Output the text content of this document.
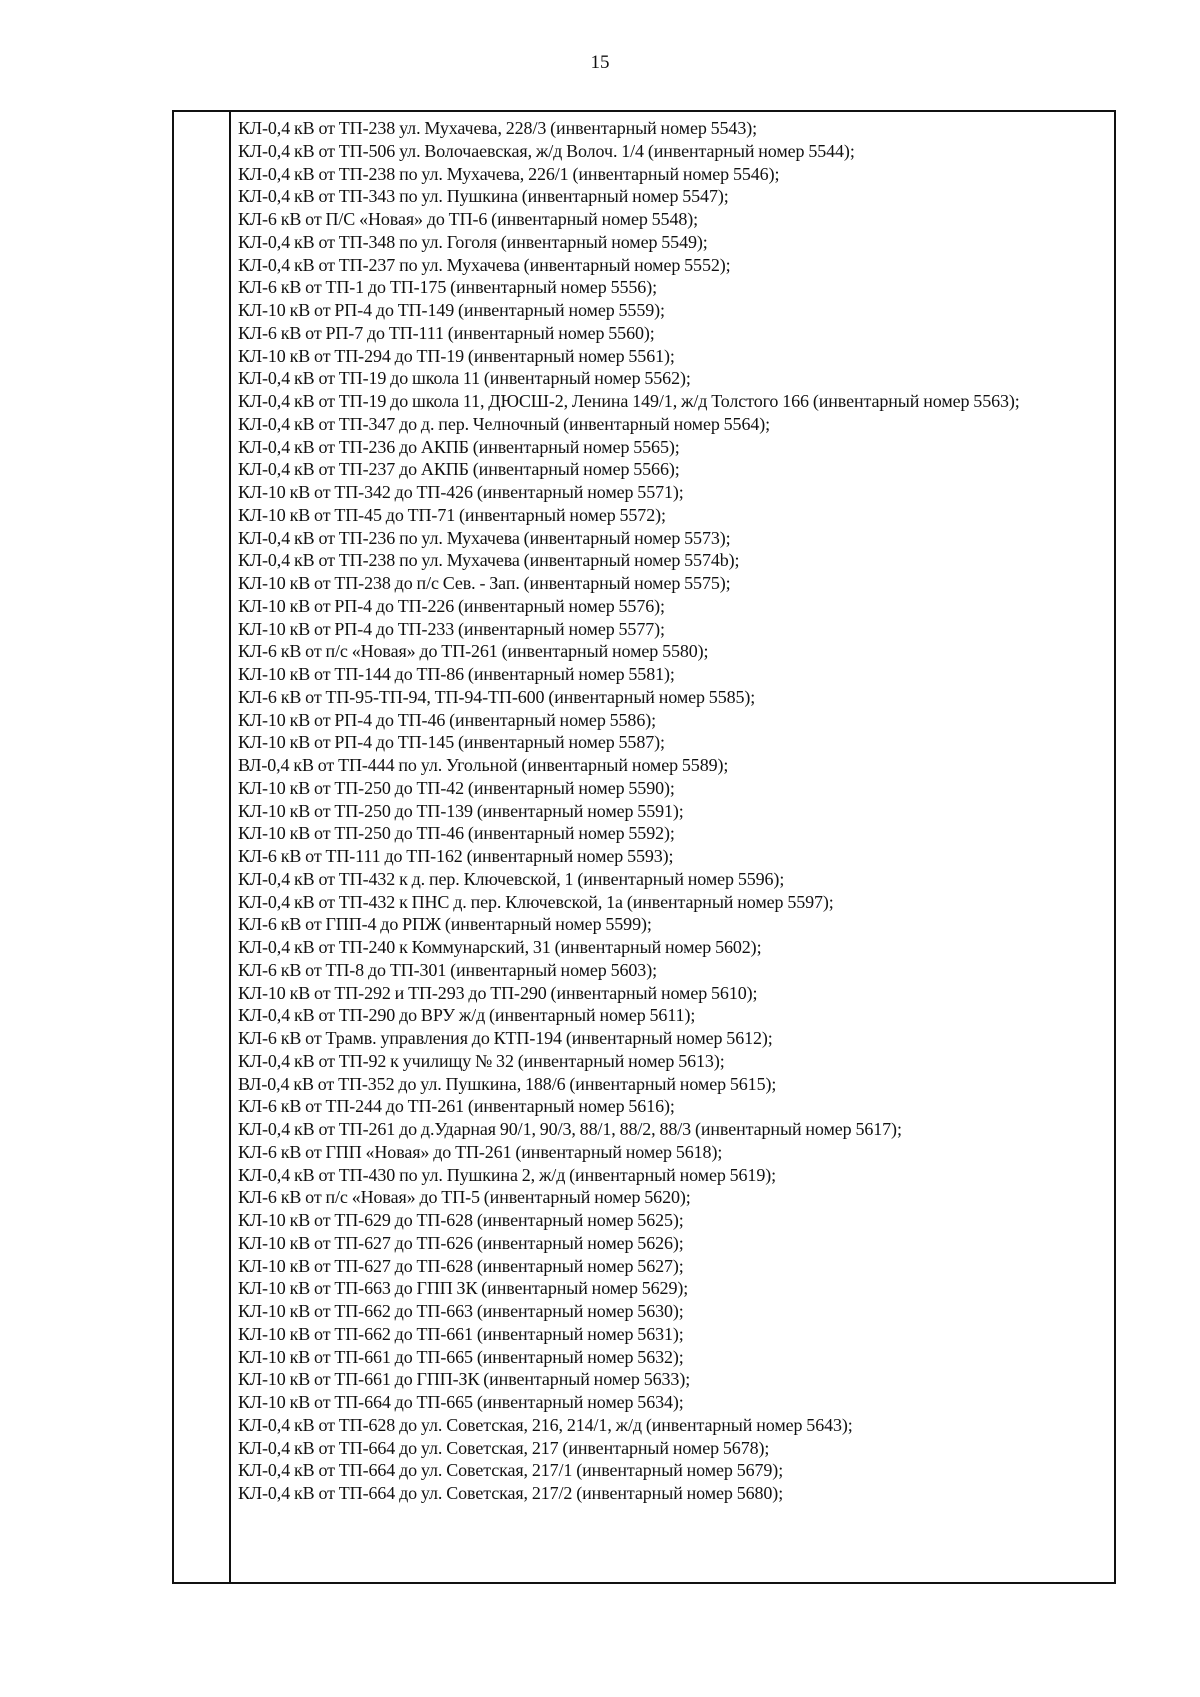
15
КЛ-0,4 кВ от ТП-238 ул. Мухачева, 228/3 (инвентарный номер 5543);
КЛ-0,4 кВ от ТП-506 ул. Волочаевская, ж/д Волоч. 1/4 (инвентарный номер 5544);
КЛ-0,4 кВ от ТП-238 по ул. Мухачева, 226/1 (инвентарный номер 5546);
КЛ-0,4 кВ от ТП-343 по ул. Пушкина (инвентарный номер 5547);
КЛ-6 кВ от П/С «Новая» до ТП-6 (инвентарный номер 5548);
КЛ-0,4 кВ от ТП-348 по ул. Гоголя (инвентарный номер 5549);
КЛ-0,4 кВ от ТП-237 по ул. Мухачева (инвентарный номер 5552);
КЛ-6 кВ от ТП-1 до ТП-175 (инвентарный номер 5556);
КЛ-10 кВ от РП-4 до ТП-149 (инвентарный номер 5559);
КЛ-6 кВ от РП-7 до ТП-111 (инвентарный номер 5560);
КЛ-10 кВ от ТП-294 до ТП-19 (инвентарный номер 5561);
КЛ-0,4 кВ от ТП-19 до школа 11 (инвентарный номер 5562);
КЛ-0,4 кВ от ТП-19 до школа 11, ДЮСШ-2, Ленина 149/1, ж/д Толстого 166 (инвентарный номер 5563);
КЛ-0,4 кВ от ТП-347 до д. пер. Челночный (инвентарный номер 5564);
КЛ-0,4 кВ от ТП-236 до АКПБ (инвентарный номер 5565);
КЛ-0,4 кВ от ТП-237 до АКПБ (инвентарный номер 5566);
КЛ-10 кВ от ТП-342 до ТП-426 (инвентарный номер 5571);
КЛ-10 кВ от ТП-45 до ТП-71 (инвентарный номер 5572);
КЛ-0,4 кВ от ТП-236 по ул. Мухачева (инвентарный номер 5573);
КЛ-0,4 кВ от ТП-238 по ул. Мухачева (инвентарный номер 5574b);
КЛ-10 кВ от ТП-238 до п/с Сев. - Зап. (инвентарный номер 5575);
КЛ-10 кВ от РП-4 до ТП-226 (инвентарный номер 5576);
КЛ-10 кВ от РП-4 до ТП-233 (инвентарный номер 5577);
КЛ-6 кВ от п/с «Новая» до ТП-261 (инвентарный номер 5580);
КЛ-10 кВ от ТП-144 до ТП-86 (инвентарный номер 5581);
КЛ-6 кВ от ТП-95-ТП-94, ТП-94-ТП-600 (инвентарный номер 5585);
КЛ-10 кВ от РП-4 до ТП-46 (инвентарный номер 5586);
КЛ-10 кВ от РП-4 до ТП-145 (инвентарный номер 5587);
ВЛ-0,4 кВ от ТП-444 по ул. Угольной (инвентарный номер 5589);
КЛ-10 кВ от ТП-250 до ТП-42 (инвентарный номер 5590);
КЛ-10 кВ от ТП-250 до ТП-139 (инвентарный номер 5591);
КЛ-10 кВ от ТП-250 до ТП-46 (инвентарный номер 5592);
КЛ-6 кВ от ТП-111 до ТП-162 (инвентарный номер 5593);
КЛ-0,4 кВ от ТП-432 к д. пер. Ключевской, 1 (инвентарный номер 5596);
КЛ-0,4 кВ от ТП-432 к ПНС д. пер. Ключевской, 1а (инвентарный номер 5597);
КЛ-6 кВ от ГПП-4 до РПЖ (инвентарный номер 5599);
КЛ-0,4 кВ от ТП-240 к Коммунарский, 31 (инвентарный номер 5602);
КЛ-6 кВ от ТП-8 до ТП-301 (инвентарный номер 5603);
КЛ-10 кВ от ТП-292 и ТП-293 до ТП-290 (инвентарный номер 5610);
КЛ-0,4 кВ от ТП-290 до ВРУ ж/д (инвентарный номер 5611);
КЛ-6 кВ от Трамв. управления до КТП-194 (инвентарный номер 5612);
КЛ-0,4 кВ от ТП-92 к училищу № 32 (инвентарный номер 5613);
ВЛ-0,4 кВ от ТП-352 до ул. Пушкина, 188/6 (инвентарный номер 5615);
КЛ-6 кВ от ТП-244 до ТП-261 (инвентарный номер 5616);
КЛ-0,4 кВ от ТП-261 до д.Ударная 90/1, 90/3, 88/1, 88/2, 88/3 (инвентарный номер 5617);
КЛ-6 кВ от ГПП «Новая» до ТП-261 (инвентарный номер 5618);
КЛ-0,4 кВ от ТП-430 по ул. Пушкина 2, ж/д (инвентарный номер 5619);
КЛ-6 кВ от п/с «Новая» до ТП-5 (инвентарный номер 5620);
КЛ-10 кВ от ТП-629 до ТП-628 (инвентарный номер 5625);
КЛ-10 кВ от ТП-627 до ТП-626 (инвентарный номер 5626);
КЛ-10 кВ от ТП-627 до ТП-628 (инвентарный номер 5627);
КЛ-10 кВ от ТП-663 до ГПП ЗК (инвентарный номер 5629);
КЛ-10 кВ от ТП-662 до ТП-663 (инвентарный номер 5630);
КЛ-10 кВ от ТП-662 до ТП-661 (инвентарный номер 5631);
КЛ-10 кВ от ТП-661 до ТП-665 (инвентарный номер 5632);
КЛ-10 кВ от ТП-661 до ГПП-ЗК (инвентарный номер 5633);
КЛ-10 кВ от ТП-664 до ТП-665 (инвентарный номер 5634);
КЛ-0,4 кВ от ТП-628 до ул. Советская, 216, 214/1, ж/д (инвентарный номер 5643);
КЛ-0,4 кВ от ТП-664 до ул. Советская, 217 (инвентарный номер 5678);
КЛ-0,4 кВ от ТП-664 до ул. Советская, 217/1 (инвентарный номер 5679);
КЛ-0,4 кВ от ТП-664 до ул. Советская, 217/2 (инвентарный номер 5680);
